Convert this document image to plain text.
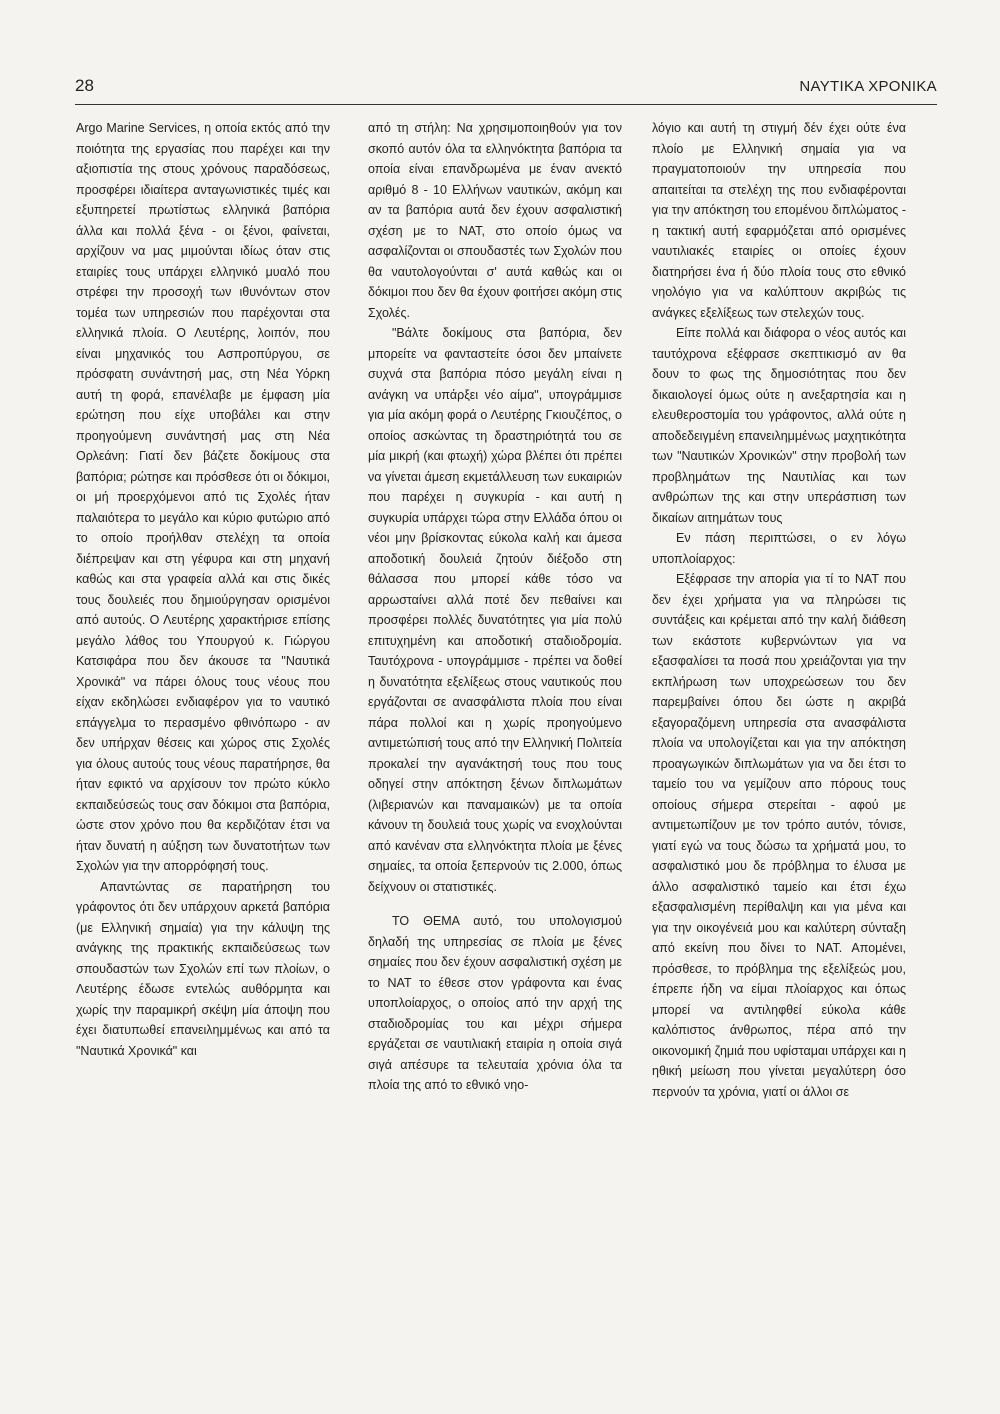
28	ΝΑΥΤΙΚΑ ΧΡΟΝΙΚΑ

Argo Marine Services, η οποία εκτός από την ποιότητα της εργασίας που παρέχει και την αξιοπιστία της στους χρόνους παραδόσεως, προσφέρει ιδιαίτερα ανταγωνιστικές τιμές και εξυπηρετεί πρωτίστως ελληνικά βαπόρια άλλα και πολλά ξένα - οι ξένοι, φαίνεται, αρχίζουν να μας μιμούνται ιδίως όταν στις εταιρίες τους υπάρχει ελληνικό μυαλό που στρέφει την προσοχή των ιθυνόντων στον τομέα των υπηρεσιών που παρέχονται στα ελληνικά πλοία. Ο Λευτέρης, λοιπόν, που είναι μηχανικός του Ασπροπύργου, σε πρόσφατη συνάντησή μας, στη Νέα Υόρκη αυτή τη φορά, επανέλαβε με έμφαση μία ερώτηση που είχε υποβάλει και στην προηγούμενη συνάντησή μας στη Νέα Ορλεάνη: Γιατί δεν βάζετε δοκίμους στα βαπόρια; ρώτησε και πρόσθεσε ότι οι δόκιμοι, οι μή προερχόμενοι από τις Σχολές ήταν παλαιότερα το μεγάλο και κύριο φυτώριο από το οποίο προήλθαν στελέχη τα οποία διέπρεψαν και στη γέφυρα και στη μηχανή καθώς και στα γραφεία αλλά και στις δικές τους δουλειές που δημιούργησαν ορισμένοι από αυτούς. Ο Λευτέρης χαρακτήρισε επίσης μεγάλο λάθος του Υπουργού κ. Γιώργου Κατσιφάρα που δεν άκουσε τα "Ναυτικά Χρονικά" να πάρει όλους τους νέους που είχαν εκδηλώσει ενδιαφέρον για το ναυτικό επάγγελμα το περασμένο φθινόπωρο - αν δεν υπήρχαν θέσεις και χώρος στις Σχολές για όλους αυτούς τους νέους παρατήρησε, θα ήταν εφικτό να αρχίσουν τον πρώτο κύκλο εκπαιδεύσεώς τους σαν δόκιμοι στα βαπόρια, ώστε στον χρόνο που θα κερδιζόταν έτσι να ήταν δυνατή η αύξηση των δυνατοτήτων των Σχολών για την απορρόφησή τους.

Απαντώντας σε παρατήρηση του γράφοντος ότι δεν υπάρχουν αρκετά βαπόρια (με Ελληνική σημαία) για την κάλυψη της ανάγκης της πρακτικής εκπαιδεύσεως των σπουδαστών των Σχολών επί των πλοίων, ο Λευτέρης έδωσε εντελώς αυθόρμητα και χωρίς την παραμικρή σκέψη μία άποψη που έχει διατυπωθεί επανειλημμένως και από τα "Ναυτικά Χρονικά" και

από τη στήλη: Να χρησιμοποιηθούν για τον σκοπό αυτόν όλα τα ελληνόκτητα βαπόρια τα οποία είναι επανδρωμένα με έναν ανεκτό αριθμό 8 - 10 Ελλήνων ναυτικών, ακόμη και αν τα βαπόρια αυτά δεν έχουν ασφαλιστική σχέση με το ΝΑΤ, στο οποίο όμως να ασφαλίζονται οι σπουδαστές των Σχολών που θα ναυτολογούνται σ' αυτά καθώς και οι δόκιμοι που δεν θα έχουν φοιτήσει ακόμη στις Σχολές.

"Βάλτε δοκίμους στα βαπόρια, δεν μπορείτε να φανταστείτε όσοι δεν μπαίνετε συχνά στα βαπόρια πόσο μεγάλη είναι η ανάγκη να υπάρξει νέο αίμα", υπογράμμισε για μία ακόμη φορά ο Λευτέρης Γκιουζέπος, ο οποίος ασκώντας τη δραστηριότητά του σε μία μικρή (και φτωχή) χώρα βλέπει ότι πρέπει να γίνεται άμεση εκμετάλλευση των ευκαιριών που παρέχει η συγκυρία - και αυτή η συγκυρία υπάρχει τώρα στην Ελλάδα όπου οι νέοι μην βρίσκοντας εύκολα καλή και άμεσα αποδοτική δουλειά ζητούν διέξοδο στη θάλασσα που μπορεί κάθε τόσο να αρρωσταίνει αλλά ποτέ δεν πεθαίνει και προσφέρει πολλές δυνατότητες για μία πολύ επιτυχημένη και αποδοτική σταδιοδρομία. Ταυτόχρονα - υπογράμμισε - πρέπει να δοθεί η δυνατότητα εξελίξεως στους ναυτικούς που εργάζονται σε ανασφάλιστα πλοία που είναι πάρα πολλοί και η χωρίς προηγούμενο αντιμετώπισή τους από την Ελληνική Πολιτεία προκαλεί την αγανάκτησή τους που τους οδηγεί στην απόκτηση ξένων διπλωμάτων (λιβεριανών και παναμαικών) με τα οποία κάνουν τη δουλειά τους χωρίς να ενοχλούνται από κανέναν στα ελληνόκτητα πλοία με ξένες σημαίες, τα οποία ξεπερνούν τις 2.000, όπως δείχνουν οι στατιστικές.

ΤΟ ΘΕΜΑ αυτό, του υπολογισμού δηλαδή της υπηρεσίας σε πλοία με ξένες σημαίες που δεν έχουν ασφαλιστική σχέση με το ΝΑΤ το έθεσε στον γράφοντα και ένας υποπλοίαρχος, ο οποίος από την αρχή της σταδιοδρομίας του και μέχρι σήμερα εργάζεται σε ναυτιλιακή εταιρία η οποία σιγά σιγά απέσυρε τα τελευταία χρόνια όλα τα πλοία της από το εθνικό νηο-

λόγιο και αυτή τη στιγμή δέν έχει ούτε ένα πλοίο με Ελληνική σημαία για να πραγματοποιούν την υπηρεσία που απαιτείται τα στελέχη της που ενδιαφέρονται για την απόκτηση του επομένου διπλώματος - η τακτική αυτή εφαρμόζεται από ορισμένες ναυτιλιακές εταιρίες οι οποίες έχουν διατηρήσει ένα ή δύο πλοία τους στο εθνικό νηολόγιο για να καλύπτουν ακριβώς τις ανάγκες εξελίξεως των στελεχών τους.

Είπε πολλά και διάφορα ο νέος αυτός και ταυτόχρονα εξέφρασε σκεπτικισμό αν θα δουν το φως της δημοσιότητας που δεν δικαιολογεί όμως ούτε η ανεξαρτησία και η ελευθεροστομία του γράφοντος, αλλά ούτε η αποδεδειγμένη επανειλημμένως μαχητικότητα των "Ναυτικών Χρονικών" στην προβολή των προβλημάτων της Ναυτιλίας και των ανθρώπων της και στην υπεράσπιση των δικαίων αιτημάτων τους

Εν πάση περιπτώσει, ο εν λόγω υποπλοίαρχος:

Εξέφρασε την απορία για τί το ΝΑΤ που δεν έχει χρήματα για να πληρώσει τις συντάξεις και κρέμεται από την καλή διάθεση των εκάστοτε κυβερνώντων για να εξασφαλίσει τα ποσά που χρειάζονται για την εκπλήρωση των υποχρεώσεων του δεν παρεμβαίνει όπου δει ώστε η ακριβά εξαγοραζόμενη υπηρεσία στα ανασφάλιστα πλοία να υπολογίζεται και για την απόκτηση προαγωγικών διπλωμάτων για να δει έτσι το ταμείο του να γεμίζουν απο πόρους τους οποίους σήμερα στερείται - αφού με αντιμετωπίζουν με τον τρόπο αυτόν, τόνισε, γιατί εγώ να τους δώσω τα χρήματά μου, το ασφαλιστικό μου δε πρόβλημα το έλυσα με άλλο ασφαλιστικό ταμείο και έτσι έχω εξασφαλισμένη περίθαλψη και για μένα και για την οικογένειά μου και καλύτερη σύνταξη από εκείνη που δίνει το ΝΑΤ. Απομένει, πρόσθεσε, το πρόβλημα της εξελίξεώς μου, έπρεπε ήδη να είμαι πλοίαρχος και όπως μπορεί να αντιληφθεί εύκολα κάθε καλόπιστος άνθρωπος, πέρα από την οικονομική ζημιά που υφίσταμαι υπάρχει και η ηθική μείωση που γίνεται μεγαλύτερη όσο περνούν τα χρόνια, γιατί οι άλλοι σε
